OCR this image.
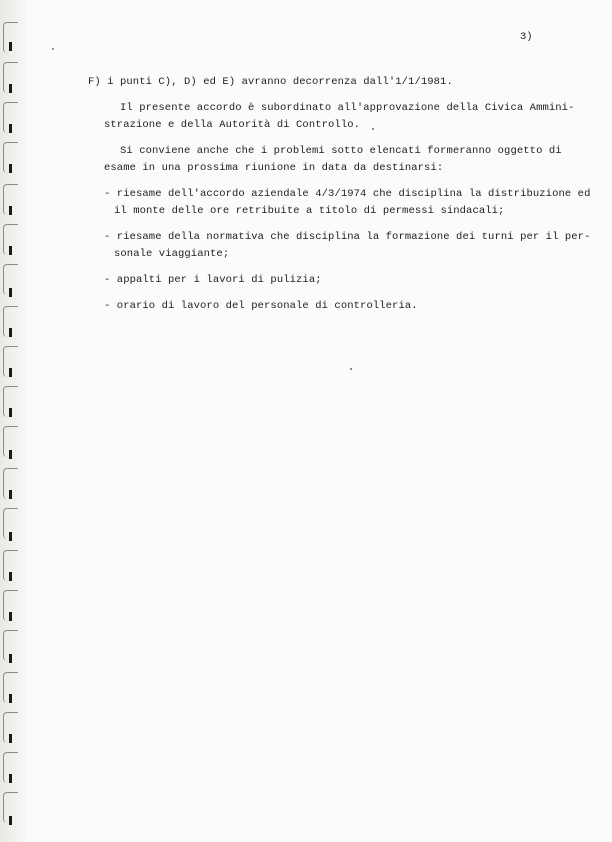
3)
F) i punti C), D) ed E) avranno decorrenza dall'1/1/1981.
Il presente accordo è subordinato all'approvazione della Civica Ammini-
strazione e della Autorità di Controllo.
Si conviene anche che i problemi sotto elencati formeranno oggetto di
esame in una prossima riunione in data da destinarsi:
- riesame dell'accordo aziendale 4/3/1974 che disciplina la distribuzione ed
il monte delle ore retribuite a titolo di permessi sindacali;
- riesame della normativa che disciplina la formazione dei turni per il per-
sonale viaggiante;
- appalti per i lavori di pulizia;
- orario di lavoro del personale di controlleria.
